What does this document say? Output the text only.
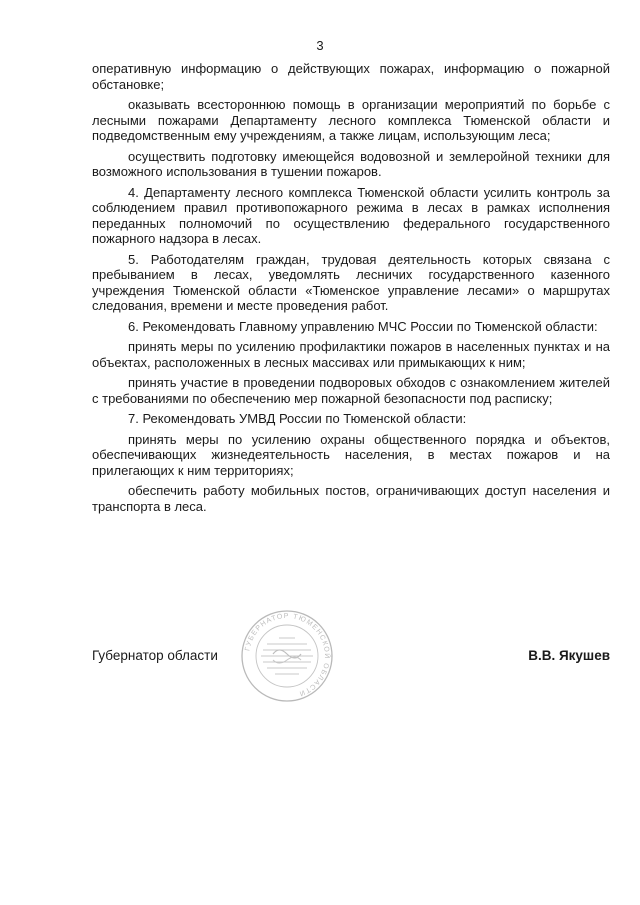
3

оперативную информацию о действующих пожарах, информацию о пожарной обстановке;

оказывать всестороннюю помощь в организации мероприятий по борьбе с лесными пожарами Департаменту лесного комплекса Тюменской области и подведомственным ему учреждениям, а также лицам, использующим леса;

осуществить подготовку имеющейся водовозной и землеройной техники для возможного использования в тушении пожаров.

4. Департаменту лесного комплекса Тюменской области усилить контроль за соблюдением правил противопожарного режима в лесах в рамках исполнения переданных полномочий по осуществлению федерального государственного пожарного надзора в лесах.

5. Работодателям граждан, трудовая деятельность которых связана с пребыванием в лесах, уведомлять лесничих государственного казенного учреждения Тюменской области «Тюменское управление лесами» о маршрутах следования, времени и месте проведения работ.

6. Рекомендовать Главному управлению МЧС России по Тюменской области:

принять меры по усилению профилактики пожаров в населенных пунктах и на объектах, расположенных в лесных массивах или примыкающих к ним;

принять участие в проведении подворовых обходов с ознакомлением жителей с требованиями по обеспечению мер пожарной безопасности под расписку;

7. Рекомендовать УМВД России по Тюменской области:

принять меры по усилению охраны общественного порядка и объектов, обеспечивающих жизнедеятельность населения, в местах пожаров и на прилегающих к ним территориях;

обеспечить работу мобильных постов, ограничивающих доступ населения и транспорта в леса.

ГУБЕРНАТОР ТЮМЕНСКОЙ ОБЛАСТИ
Губернатор области	В.В. Якушев
